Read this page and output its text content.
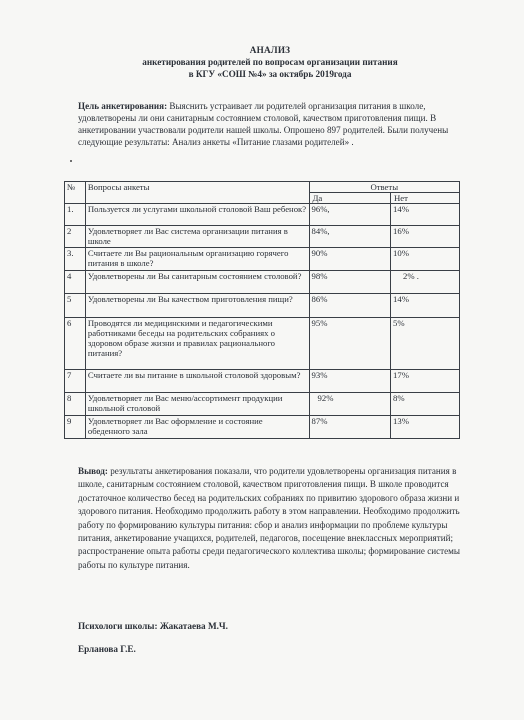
АНАЛИЗ
анкетирования родителей по вопросам организации питания
в КГУ «СОШ №4» за октябрь 2019года
Цель анкетирования: Выяснить устраивает ли родителей организация питания в школе, удовлетворены ли они санитарным состоянием столовой, качеством приготовления пищи. В анкетировании участвовали родители нашей школы. Опрошено 897 родителей. Были получены следующие результаты: Анализ анкеты «Питание глазами родителей» .
№	Вопросы анкеты	Ответы	
		Да	Нет
1.	Пользуется ли услугами школьной столовой Ваш ребенок?	96%,	14%
2	Удовлетворяет ли Вас система организации питания в школе	84%,	16%
3.	Считаете ли Вы рациональным организацию горячего питания в школе?	90%	10%
4	Удовлетворены ли Вы санитарным состоянием столовой?	98%	2% .
5	Удовлетворены ли Вы качеством приготовления пищи?	86%	14%
6	Проводятся ли медицинскими и педагогическими работниками беседы на родительских собраниях о здоровом образе жизни и правилах рационального питания?	95%	5%
7	Считаете ли вы питание в школьной столовой здоровым?	93%	17%
8	Удовлетворяет ли Вас меню/ассортимент продукции школьной столовой	92%	8%
9	Удовлетворяет ли Вас оформление и состояние обеденного зала	87%	13%
Вывод: результаты анкетирования показали, что родители удовлетворены организация питания в школе, санитарным состоянием столовой, качеством приготовления пищи. В школе проводится достаточное количество бесед на родительских собраниях по привитию здорового образа жизни и здорового питания. Необходимо продолжить работу в этом направлении. Необходимо продолжить работу по формированию культуры питания: сбор и анализ информации по проблеме культуры питания, анкетирование учащихся, родителей, педагогов, посещение внеклассных мероприятий; распространение опыта работы среди педагогического коллектива школы; формирование системы работы по культуре питания.
Психологи школы: Жакатаева М.Ч.
Ерланова Г.Е.
